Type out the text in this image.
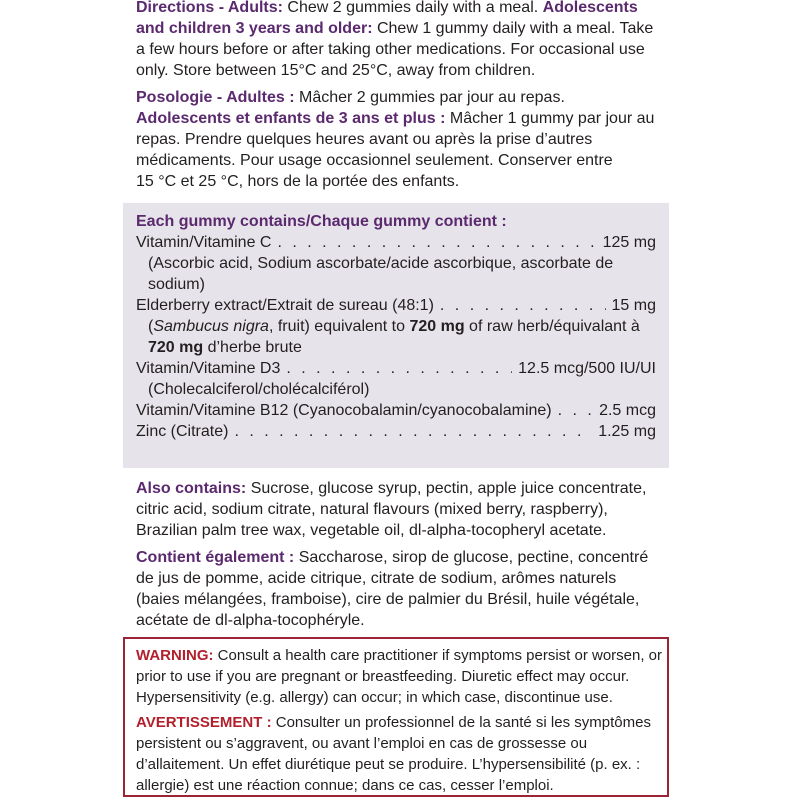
Directions - Adults: Chew 2 gummies daily with a meal. Adolescents and children 3 years and older: Chew 1 gummy daily with a meal. Take a few hours before or after taking other medications. For occasional use only. Store between 15°C and 25°C, away from children.

Posologie - Adultes : Mâcher 2 gummies par jour au repas. Adolescents et enfants de 3 ans et plus : Mâcher 1 gummy par jour au repas. Prendre quelques heures avant ou après la prise d’autres médicaments. Pour usage occasionnel seulement. Conserver entre
15 °C et 25 °C, hors de la portée des enfants.

Each gummy contains/Chaque gummy contient :

Vitamin/Vitamine C . . .	125 mg

(Ascorbic acid, Sodium ascorbate/acide ascorbique, ascorbate de sodium)

Elderberry extract/Extrait de sureau (48:1) . . .	15 mg

(Sambucus nigra, fruit) equivalent to 720 mg of raw herb/équivalant à 720 mg d’herbe brute

Vitamin/Vitamine D3 . . .	12.5 mcg/500 IU/UI

(Cholecalciferol/cholécalciférol)

Vitamin/Vitamine B12 (Cyanocobalamin/cyanocobalamine) . . .	2.5 mcg
Zinc (Citrate) . . .	1.25 mg

Also contains: Sucrose, glucose syrup, pectin, apple juice concentrate, citric acid, sodium citrate, natural flavours (mixed berry, raspberry), Brazilian palm tree wax, vegetable oil, dl-alpha-tocopheryl acetate.

Contient également : Saccharose, sirop de glucose, pectine, concentré de jus de pomme, acide citrique, citrate de sodium, arômes naturels (baies mélangées, framboise), cire de palmier du Brésil, huile végétale, acétate de dl-alpha-tocophéryle.

WARNING: Consult a health care practitioner if symptoms persist or worsen, or prior to use if you are pregnant or breastfeeding. Diuretic effect may occur. Hypersensitivity (e.g. allergy) can occur; in which case, discontinue use.

AVERTISSEMENT : Consulter un professionnel de la santé si les symptômes persistent ou s’aggravent, ou avant l’emploi en cas de grossesse ou d’allaitement. Un effet diurétique peut se produire. L’hypersensibilité (p. ex. : allergie) est une réaction connue; dans ce cas, cesser l’emploi.
